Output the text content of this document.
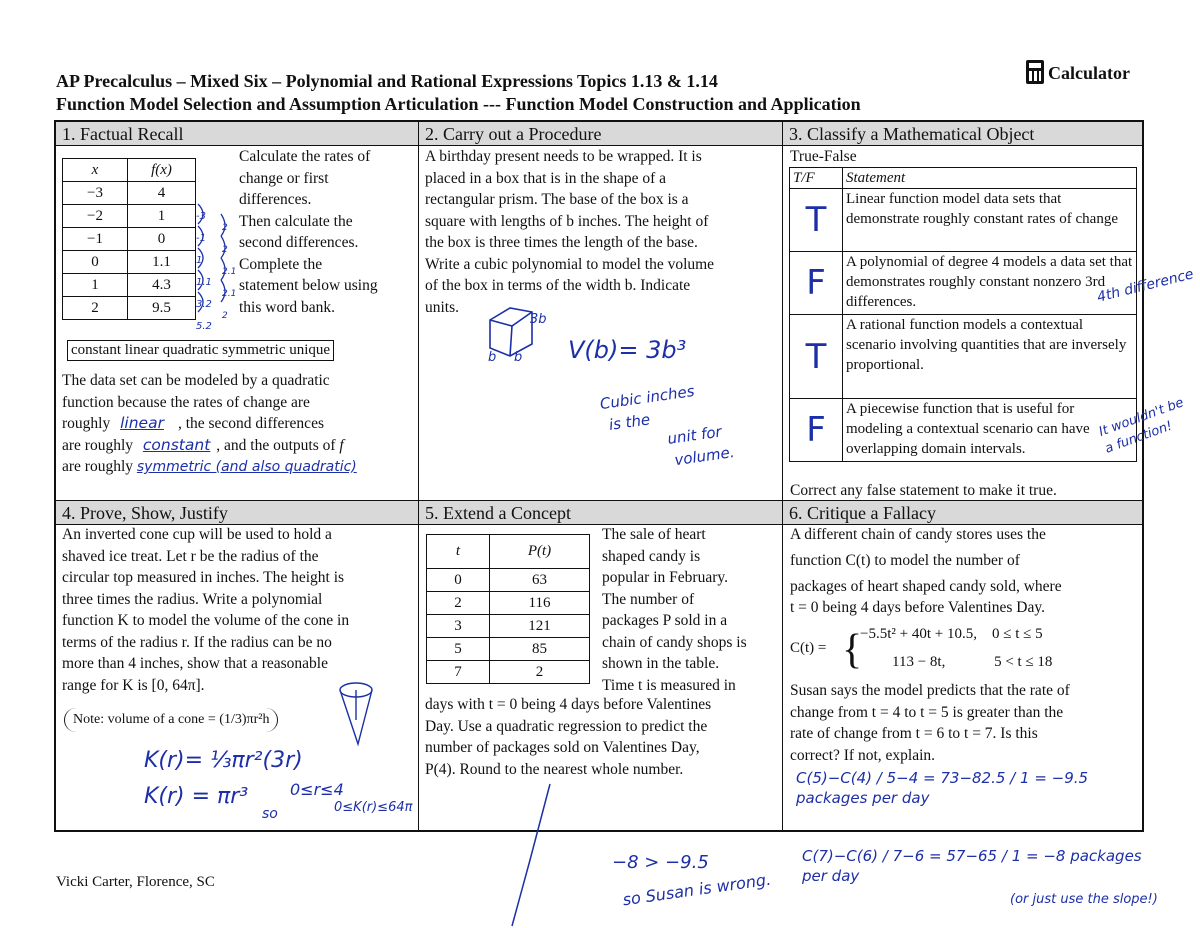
AP Precalculus – Mixed Six – Polynomial and Rational Expressions Topics 1.13 & 1.14
Function Model Selection and Assumption Articulation --- Function Model Construction and Application
Calculator
1. Factual Recall	2. Carry out a Procedure	3. Classify a Mathematical Object
4. Prove, Show, Justify	5. Extend a Concept	6. Critique a Fallacy
x	f(x)
−3	4
−2	1
−1	0
0	1.1
1	4.3
2	9.5
Calculate the rates of
change or first
differences.
Then calculate the
second differences.
Complete the
statement below using
this word bank.
-3
-1
1
1.1
3.2
5.2
2
2
2.1
2.1
2
constant linear quadratic symmetric unique
The data set can be modeled by a quadratic
function because the rates of change are
roughly linear , the second differences
are roughly constant , and the outputs of f
are roughly symmetric (and also quadratic)
A birthday present needs to be wrapped. It is
placed in a box that is in the shape of a
rectangular prism. The base of the box is a
square with lengths of b inches. The height of
the box is three times the length of the base.
Write a cubic polynomial to model the volume
of the box in terms of the width b. Indicate
units.
3b
b b V(b)= 3b³
Cubic inches
is the
unit for
volume.
True-False
T/F	Statement
T	Linear function model data sets that demonstrate roughly constant rates of change
F	A polynomial of degree 4 models a data set that demonstrates roughly constant nonzero 3rd differences.
T	A rational function models a contextual scenario involving quantities that are inversely proportional.
F	A piecewise function that is useful for modeling a contextual scenario can have overlapping domain intervals.
4th difference
It wouldn't be a function!
Correct any false statement to make it true.
An inverted cone cup will be used to hold a
shaved ice treat. Let r be the radius of the
circular top measured in inches. The height is
three times the radius. Write a polynomial
function K to model the volume of the cone in
terms of the radius r. If the radius can be no
more than 4 inches, show that a reasonable
range for K is [0, 64π].
Note: volume of a cone = (1/3)πr²h
K(r)= ⅓πr²(3r)
K(r) = πr³	0≤r≤4
so	0≤K(r)≤64π
t	P(t)
0	63
2	116
3	121
5	85
7	2
The sale of heart
shaped candy is
popular in February.
The number of
packages P sold in a
chain of candy shops is
shown in the table.
Time t is measured in
days with t = 0 being 4 days before Valentines
Day. Use a quadratic regression to predict the
number of packages sold on Valentines Day,
P(4). Round to the nearest whole number.
A different chain of candy stores uses the
function C(t) to model the number of
packages of heart shaped candy sold, where
t = 0 being 4 days before Valentines Day.
C(t) = {
−5.5t² + 40t + 10.5,    0 ≤ t ≤ 5
113 − 8t,             5 < t ≤ 18
Susan says the model predicts that the rate of
change from t = 4 to t = 5 is greater than the
rate of change from t = 6 to t = 7. Is this
correct? If not, explain.
C(5)−C(4) / 5−4 = 73−82.5 / 1 = −9.5 packages per day
C(7)−C(6) / 7−6 = 57−65 / 1 = −8 packages per day
(or just use the slope!)
−8 > −9.5
so Susan is wrong.
Vicki Carter, Florence, SC
